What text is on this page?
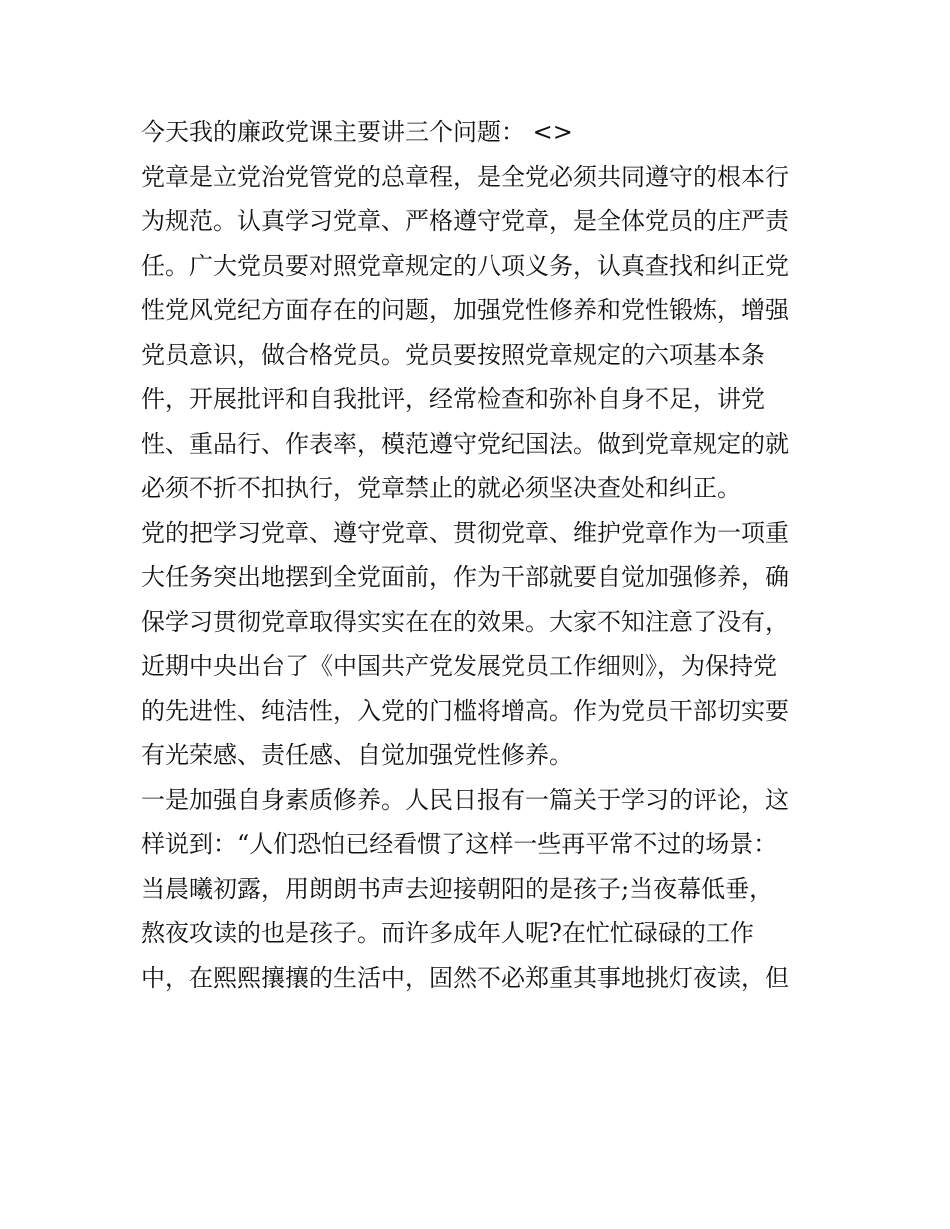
今天我的廉政党课主要讲三个问题： <>
党章是立党治党管党的总章程，是全党必须共同遵守的根本行
为规范。认真学习党章、严格遵守党章，是全体党员的庄严责
任。广大党员要对照党章规定的八项义务，认真查找和纠正党
性党风党纪方面存在的问题，加强党性修养和党性锻炼，增强
党员意识，做合格党员。党员要按照党章规定的六项基本条
件，开展批评和自我批评，经常检查和弥补自身不足，讲党
性、重品行、作表率，模范遵守党纪国法。做到党章规定的就
必须不折不扣执行，党章禁止的就必须坚决查处和纠正。
党的把学习党章、遵守党章、贯彻党章、维护党章作为一项重
大任务突出地摆到全党面前，作为干部就要自觉加强修养，确
保学习贯彻党章取得实实在在的效果。大家不知注意了没有，
近期中央出台了《中国共产党发展党员工作细则》，为保持党
的先进性、纯洁性，入党的门槛将增高。作为党员干部切实要
有光荣感、责任感、自觉加强党性修养。
一是加强自身素质修养。人民日报有一篇关于学习的评论，这
样说到：“人们恐怕已经看惯了这样一些再平常不过的场景：
当晨曦初露，用朗朗书声去迎接朝阳的是孩子;当夜幕低垂，
熬夜攻读的也是孩子。而许多成年人呢?在忙忙碌碌的工作
中，在熙熙攘攘的生活中，固然不必郑重其事地挑灯夜读，但
